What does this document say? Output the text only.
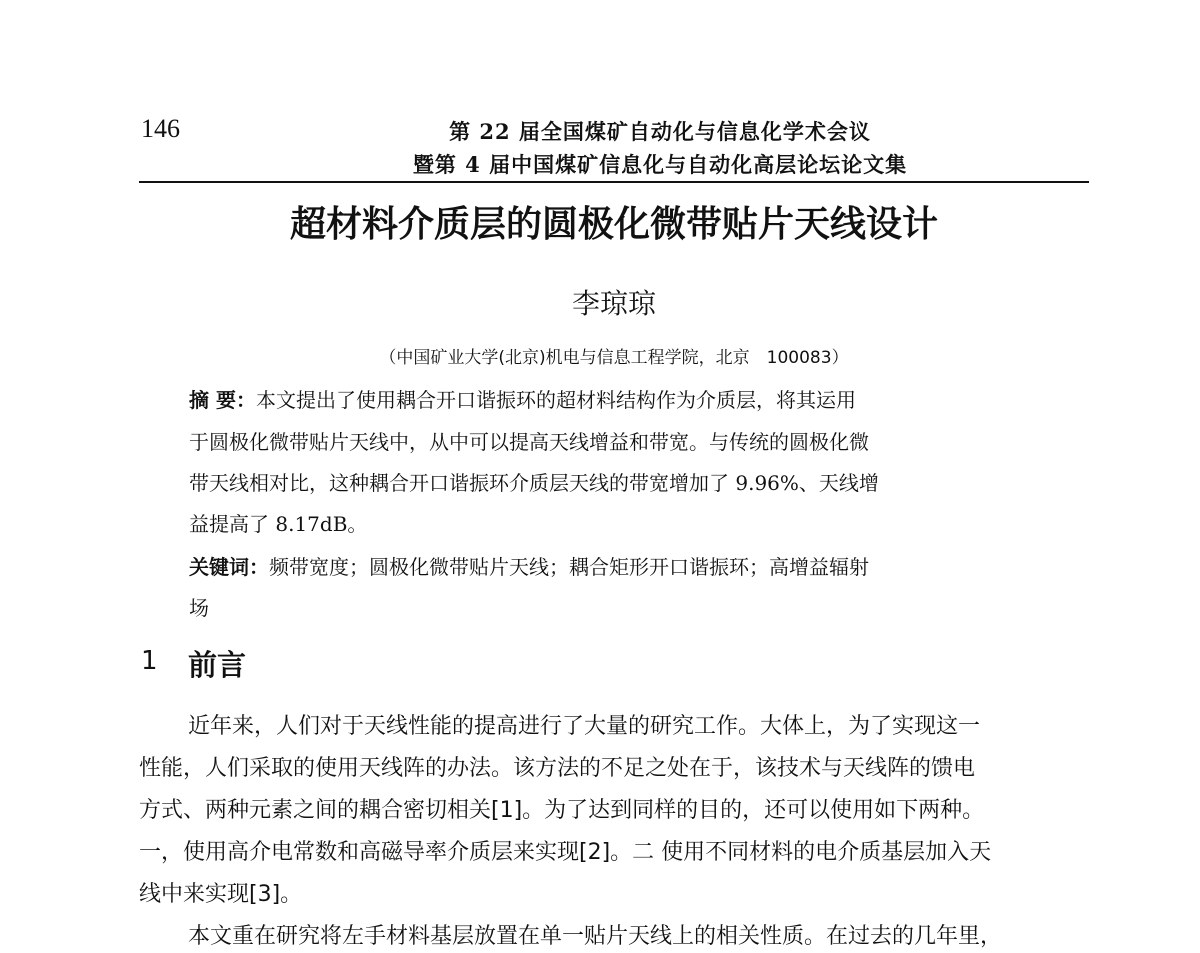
146	第 22 届全国煤矿自动化与信息化学术会议
暨第 4 届中国煤矿信息化与自动化高层论坛论文集
超材料介质层的圆极化微带贴片天线设计
李琼琼
（中国矿业大学(北京)机电与信息工程学院，北京　100083）
摘 要：本文提出了使用耦合开口谐振环的超材料结构作为介质层，将其运用
于圆极化微带贴片天线中，从中可以提高天线增益和带宽。与传统的圆极化微
带天线相对比，这种耦合开口谐振环介质层天线的带宽增加了 9.96%、天线增
益提高了 8.17dB。
关键词：频带宽度；圆极化微带贴片天线；耦合矩形开口谐振环；高增益辐射
场
1 前言
近年来，人们对于天线性能的提高进行了大量的研究工作。大体上，为了实现这一
性能，人们采取的使用天线阵的办法。该方法的不足之处在于，该技术与天线阵的馈电
方式、两种元素之间的耦合密切相关[1]。为了达到同样的目的，还可以使用如下两种。
一，使用高介电常数和高磁导率介质层来实现[2]。二 使用不同材料的电介质基层加入天
线中来实现[3]。
本文重在研究将左手材料基层放置在单一贴片天线上的相关性质。在过去的几年里，
